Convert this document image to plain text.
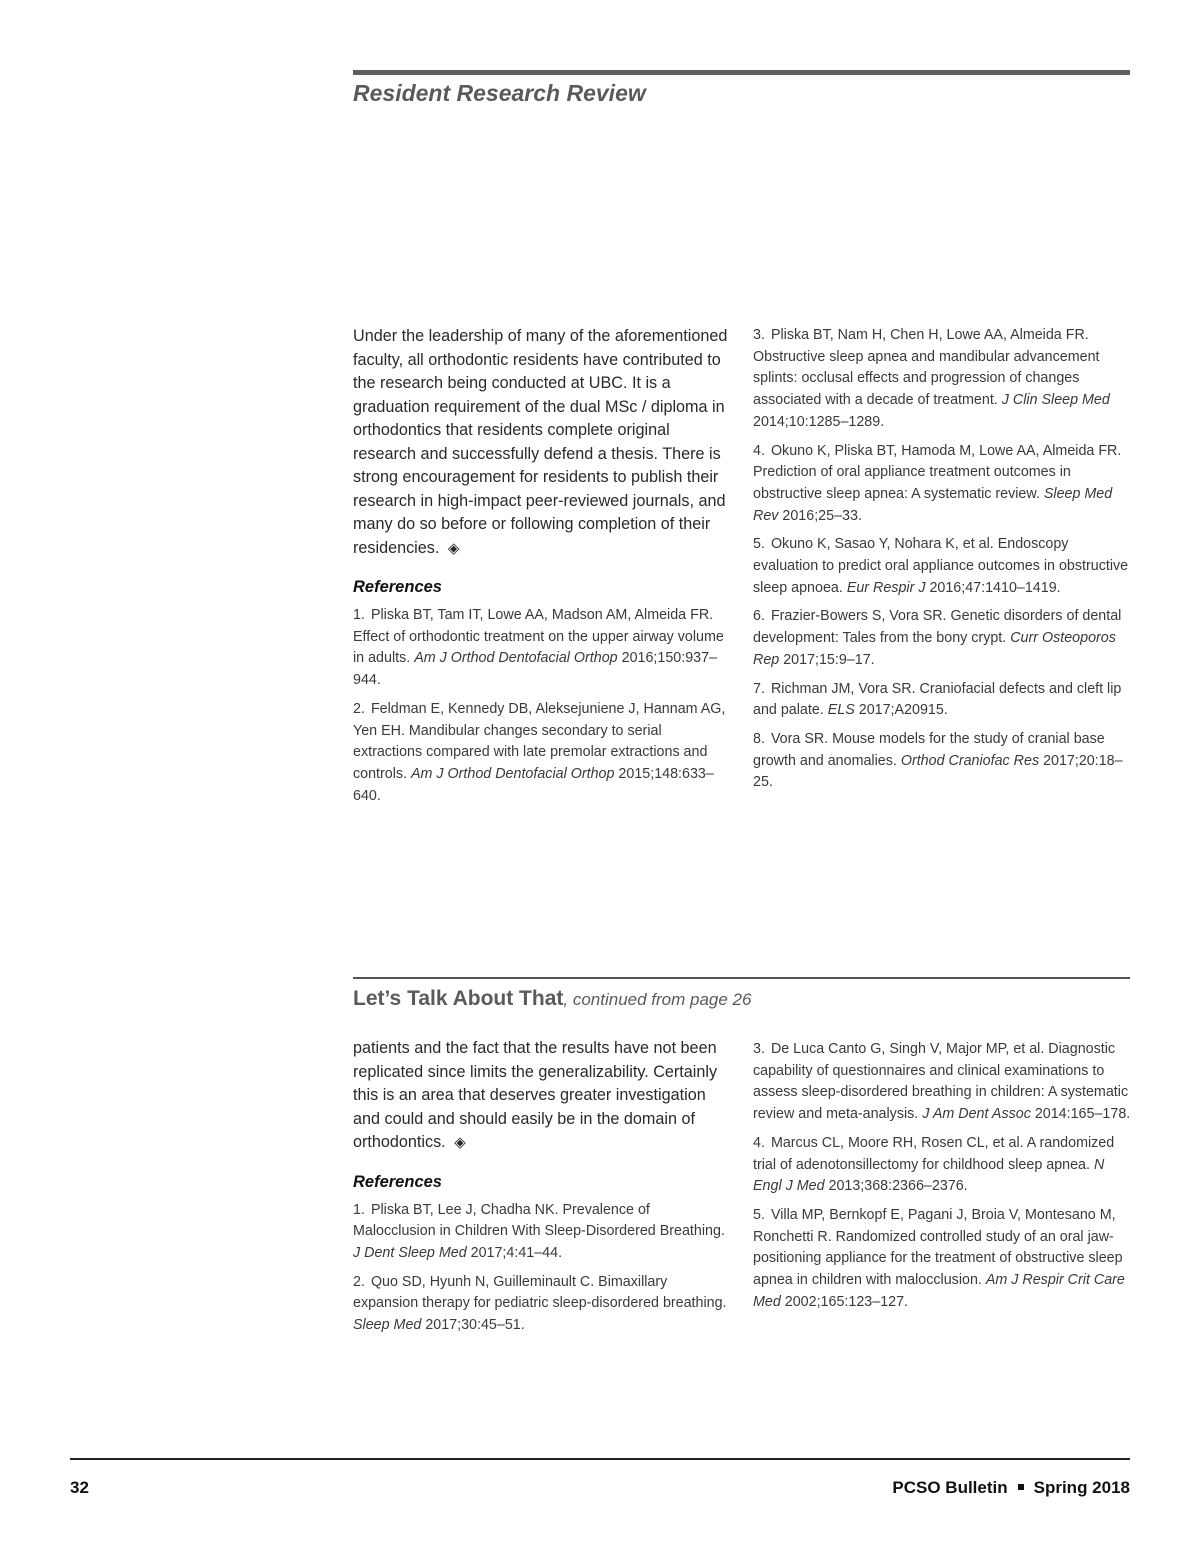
Resident Research Review

Under the leadership of many of the aforementioned faculty, all orthodontic residents have contributed to the research being conducted at UBC. It is a graduation requirement of the dual MSc / diploma in orthodontics that residents complete original research and successfully defend a thesis. There is strong encouragement for residents to publish their research in high-impact peer-reviewed journals, and many do so before or following completion of their residencies. ◈

References

1. Pliska BT, Tam IT, Lowe AA, Madson AM, Almeida FR. Effect of orthodontic treatment on the upper airway volume in adults. Am J Orthod Dentofacial Orthop 2016;150:937–944.

2. Feldman E, Kennedy DB, Aleksejuniene J, Hannam AG, Yen EH. Mandibular changes secondary to serial extractions compared with late premolar extractions and controls. Am J Orthod Dentofacial Orthop 2015;148:633–640.

3. Pliska BT, Nam H, Chen H, Lowe AA, Almeida FR. Obstructive sleep apnea and mandibular advancement splints: occlusal effects and progression of changes associated with a decade of treatment. J Clin Sleep Med 2014;10:1285–1289.

4. Okuno K, Pliska BT, Hamoda M, Lowe AA, Almeida FR. Prediction of oral appliance treatment outcomes in obstructive sleep apnea: A systematic review. Sleep Med Rev 2016;25–33.

5. Okuno K, Sasao Y, Nohara K, et al. Endoscopy evaluation to predict oral appliance outcomes in obstructive sleep apnoea. Eur Respir J 2016;47:1410–1419.

6. Frazier-Bowers S, Vora SR. Genetic disorders of dental development: Tales from the bony crypt. Curr Osteoporos Rep 2017;15:9–17.

7. Richman JM, Vora SR. Craniofacial defects and cleft lip and palate. ELS 2017;A20915.

8. Vora SR. Mouse models for the study of cranial base growth and anomalies. Orthod Craniofac Res 2017;20:18–25.

Let’s Talk About That, continued from page 26

patients and the fact that the results have not been replicated since limits the generalizability. Certainly this is an area that deserves greater investigation and could and should easily be in the domain of orthodontics. ◈

References

1. Pliska BT, Lee J, Chadha NK. Prevalence of Malocclusion in Children With Sleep-Disordered Breathing. J Dent Sleep Med 2017;4:41–44.

2. Quo SD, Hyunh N, Guilleminault C. Bimaxillary expansion therapy for pediatric sleep-disordered breathing. Sleep Med 2017;30:45–51.

3. De Luca Canto G, Singh V, Major MP, et al. Diagnostic capability of questionnaires and clinical examinations to assess sleep-disordered breathing in children: A systematic review and meta-analysis. J Am Dent Assoc 2014:165–178.

4. Marcus CL, Moore RH, Rosen CL, et al. A randomized trial of adenotonsillectomy for childhood sleep apnea. N Engl J Med 2013;368:2366–2376.

5. Villa MP, Bernkopf E, Pagani J, Broia V, Montesano M, Ronchetti R. Randomized controlled study of an oral jaw-positioning appliance for the treatment of obstructive sleep apnea in children with malocclusion. Am J Respir Crit Care Med 2002;165:123–127.

32	PCSO Bulletin Spring 2018
